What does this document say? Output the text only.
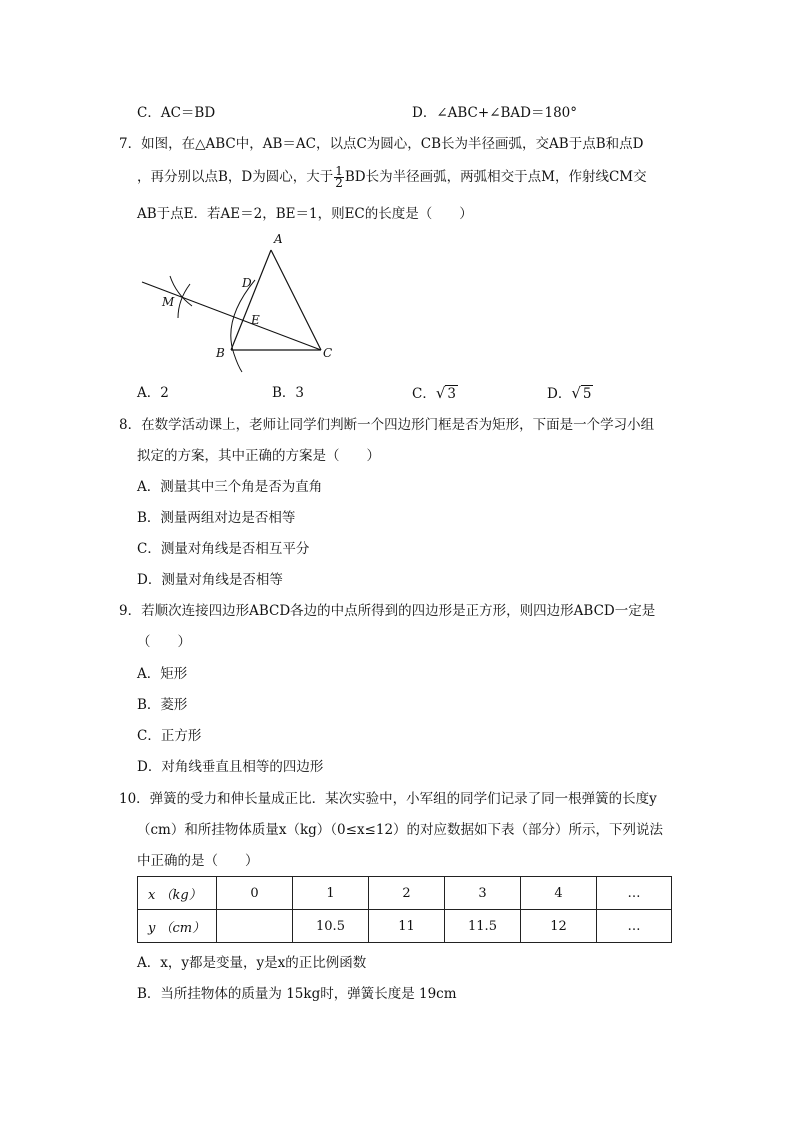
C．AC＝BD	D．∠ABC+∠BAD＝180°
7．如图，在△ABC中，AB＝AC，以点C为圆心，CB长为半径画弧，交AB于点B和点D
，再分别以点B，D为圆心，大于 $\frac{1}{2}$ BD长为半径画弧，两弧相交于点M，作射线CM交
AB于点E．若AE＝2，BE＝1，则EC的长度是（　　）
A
D
E
M
B	C
A．2	B．3	C．√ 3	D．√ 5
8．在数学活动课上，老师让同学们判断一个四边形门框是否为矩形，下面是一个学习小组
拟定的方案，其中正确的方案是（　　）
A．测量其中三个角是否为直角
B．测量两组对边是否相等
C．测量对角线是否相互平分
D．测量对角线是否相等
9．若顺次连接四边形ABCD各边的中点所得到的四边形是正方形，则四边形ABCD一定是
（　　）
A．矩形
B．菱形
C．正方形
D．对角线垂直且相等的四边形
10．弹簧的受力和伸长量成正比．某次实验中，小军组的同学们记录了同一根弹簧的长度y
（cm）和所挂物体质量x（kg）（0≤x≤12）的对应数据如下表（部分）所示，下列说法
中正确的是（　　）
x （kg）	0	1	2	3	4	…
y （cm）		10.5	11	11.5	12	…
A．x，y都是变量，y是x的正比例函数
B．当所挂物体的质量为 15kg时，弹簧长度是 19cm
